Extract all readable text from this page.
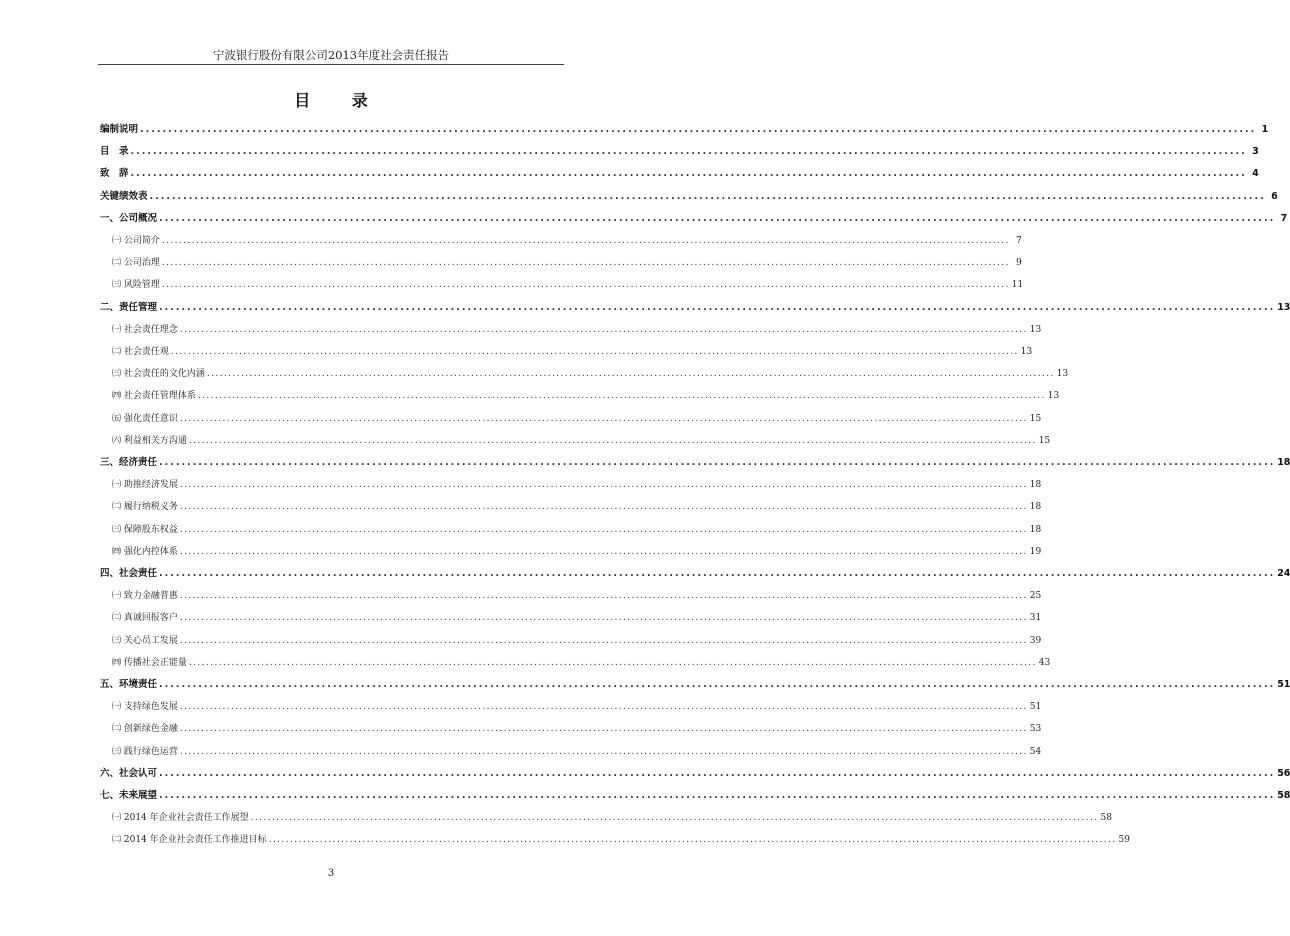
宁波银行股份有限公司2013年度社会责任报告
目 录
编制说明 ....................................................................................................................................................................................................... 1
目　录 ....................................................................................................................................................................................................... 3
致　辞 ....................................................................................................................................................................................................... 4
关键绩效表 ....................................................................................................................................................................................................... 6
一、公司概况 ....................................................................................................................................................................................................... 7
㈠ 公司简介 ....................................................................................................................................................................................................... 7
㈡ 公司治理 ....................................................................................................................................................................................................... 9
㈢ 风险管理 ....................................................................................................................................................................................................... 11
二、责任管理 ....................................................................................................................................................................................................... 13
㈠ 社会责任理念 ....................................................................................................................................................................................................... 13
㈡ 社会责任观 ....................................................................................................................................................................................................... 13
㈢ 社会责任的文化内涵 ....................................................................................................................................................................................................... 13
㈣ 社会责任管理体系 ....................................................................................................................................................................................................... 13
㈤ 强化责任意识 ....................................................................................................................................................................................................... 15
㈥ 利益相关方沟通 ....................................................................................................................................................................................................... 15
三、经济责任 ....................................................................................................................................................................................................... 18
㈠ 助推经济发展 ....................................................................................................................................................................................................... 18
㈡ 履行纳税义务 ....................................................................................................................................................................................................... 18
㈢ 保障股东权益 ....................................................................................................................................................................................................... 18
㈣ 强化内控体系 ....................................................................................................................................................................................................... 19
四、社会责任 ....................................................................................................................................................................................................... 24
㈠ 致力金融普惠 ....................................................................................................................................................................................................... 25
㈡ 真诚回报客户 ....................................................................................................................................................................................................... 31
㈢ 关心员工发展 ....................................................................................................................................................................................................... 39
㈣ 传播社会正能量 ....................................................................................................................................................................................................... 43
五、环境责任 ....................................................................................................................................................................................................... 51
㈠ 支持绿色发展 ....................................................................................................................................................................................................... 51
㈡ 创新绿色金融 ....................................................................................................................................................................................................... 53
㈢ 践行绿色运营 ....................................................................................................................................................................................................... 54
六、社会认可 ....................................................................................................................................................................................................... 56
七、未来展望 ....................................................................................................................................................................................................... 58
㈠ 2014 年企业社会责任工作展望 ....................................................................................................................................................................................................... 58
㈡ 2014 年企业社会责任工作推进目标 ....................................................................................................................................................................................................... 59
3
